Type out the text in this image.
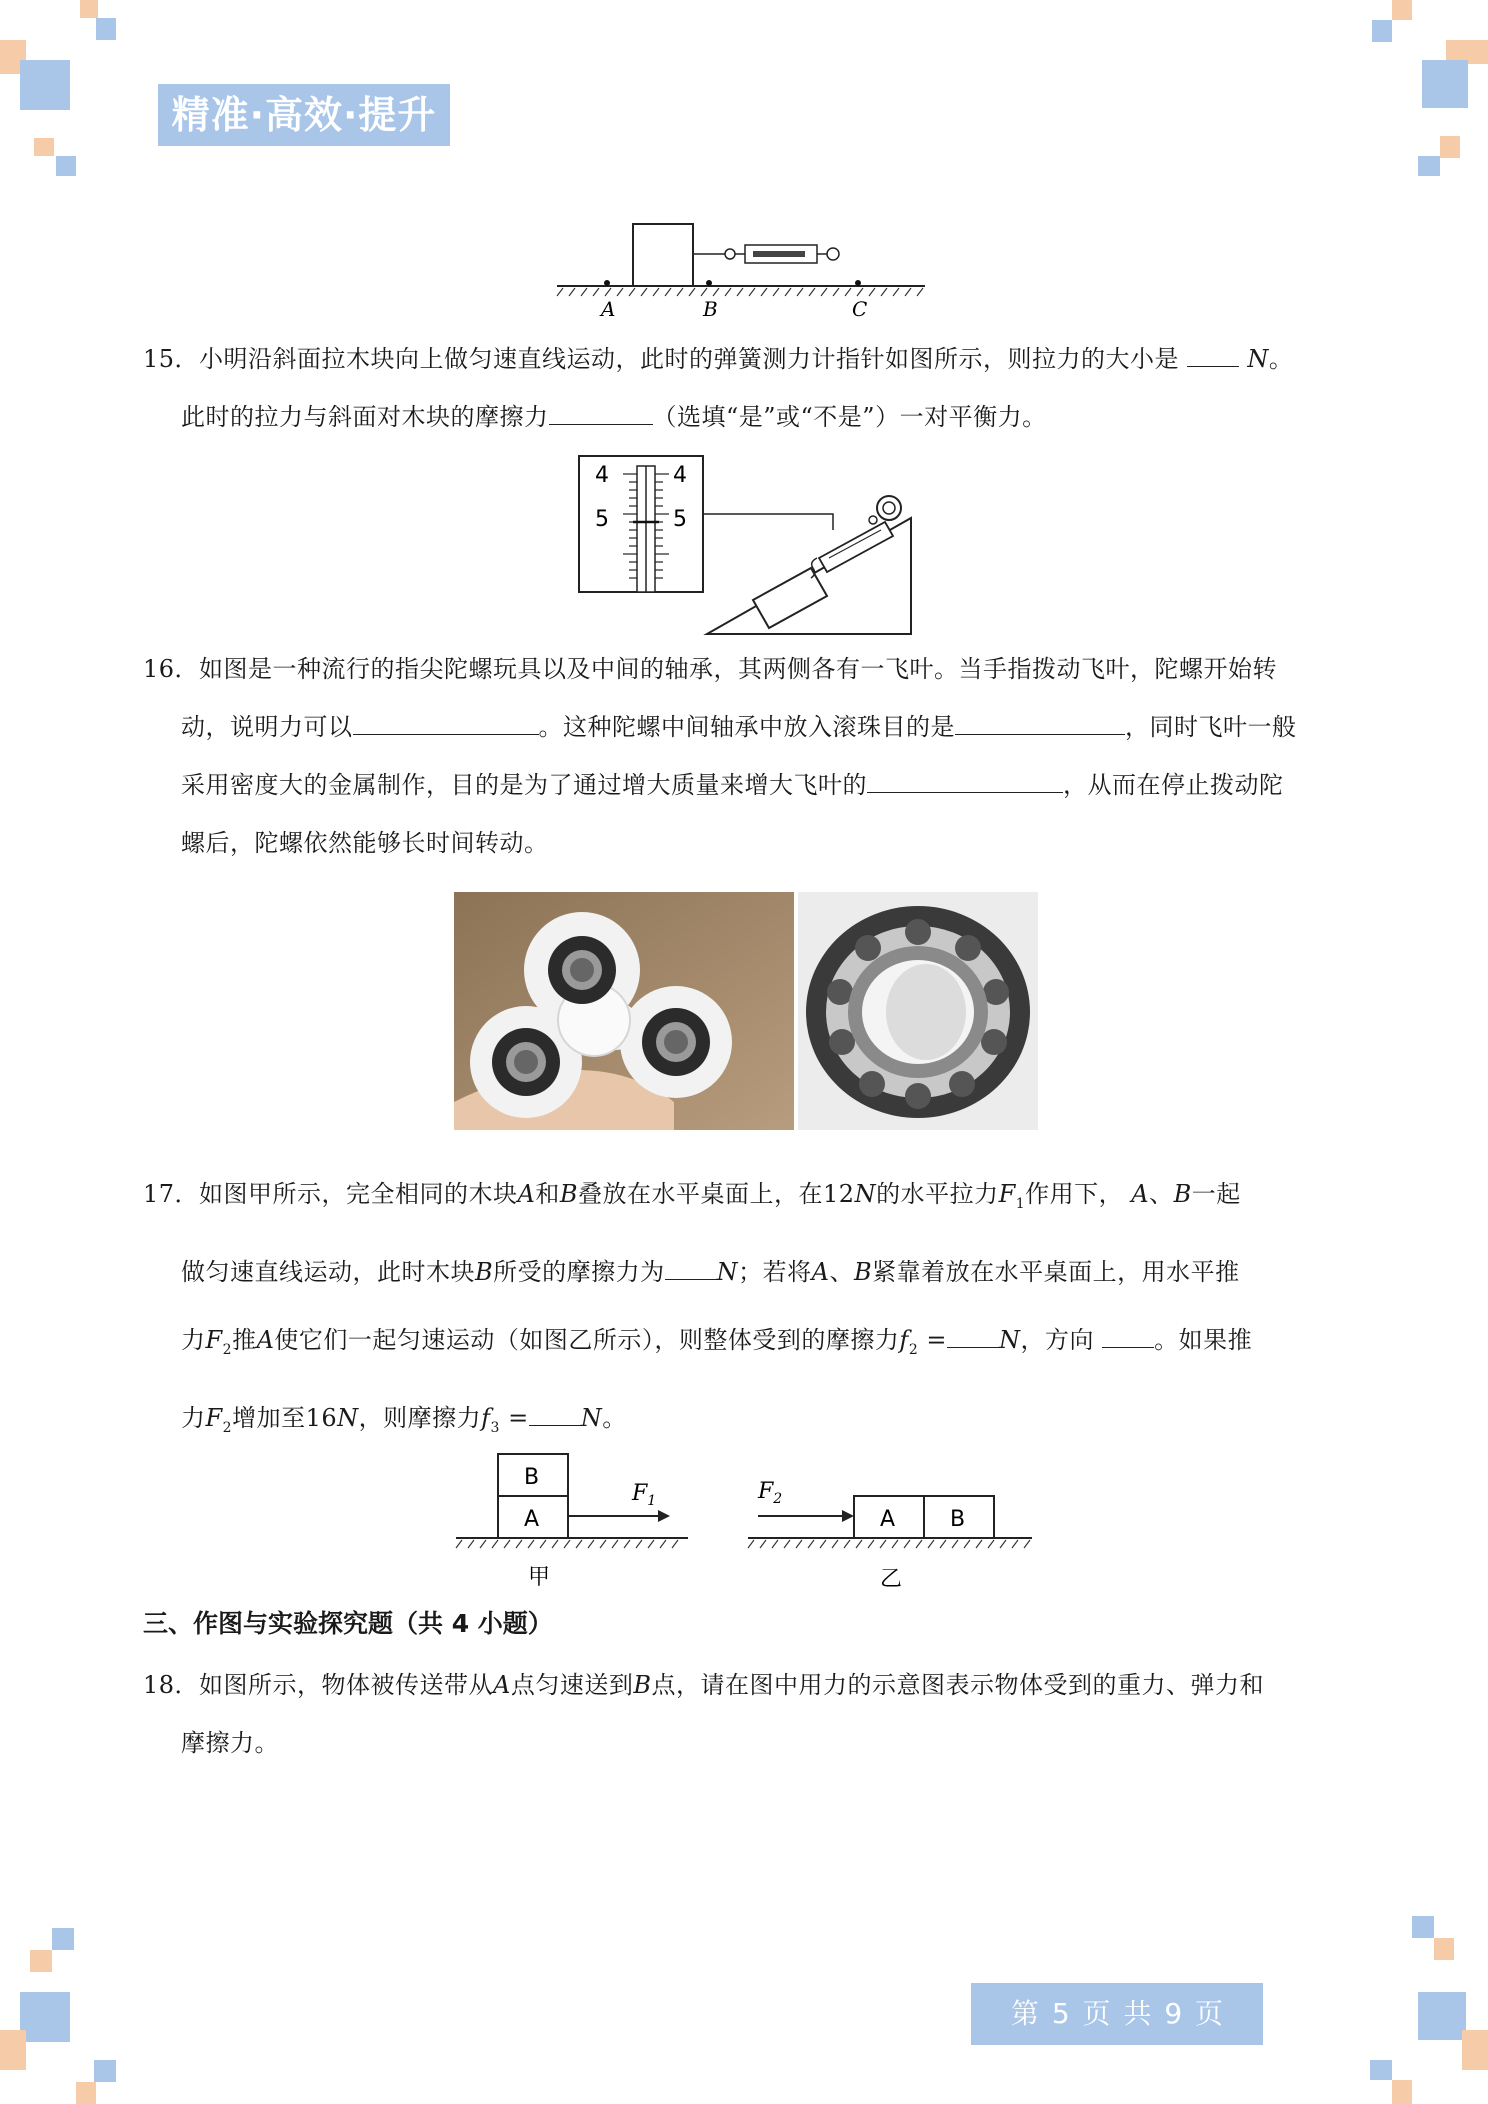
精准·高效·提升
A	B	C

15．小明沿斜面拉木块向上做匀速直线运动，此时的弹簧测力计指针如图所示，则拉力的大小是	N。

此时的拉力与斜面对木块的摩擦力	（选填“是”或“不是”）一对平衡力。

4
5
4
5

16．如图是一种流行的指尖陀螺玩具以及中间的轴承，其两侧各有一飞叶。当手指拨动飞叶，陀螺开始转

动，说明力可以	。这种陀螺中间轴承中放入滚珠目的是	，同时飞叶一般

采用密度大的金属制作，目的是为了通过增大质量来增大飞叶的	，从而在停止拨动陀

螺后，陀螺依然能够长时间转动。

17．如图甲所示，完全相同的木块A和B叠放在水平桌面上，在12N的水平拉力$F_1$作用下， A、B一起

做匀速直线运动，此时木块B所受的摩擦力为 N；若将A、B紧靠着放在水平桌面上，用水平推

力$F_2$推A使它们一起匀速运动（如图乙所示），则整体受到的摩擦力$f_2 = N$，方向	。如果推

力$F_2$增加至16N，则摩擦力$f_3 = N$。

B
A
$F_1$
甲
A B
$F_2$
乙
三、作图与实验探究题（共 4 小题）

18．如图所示，物体被传送带从A点匀速送到B点，请在图中用力的示意图表示物体受到的重力、弹力和

摩擦力。

第 5 页 共 9 页
